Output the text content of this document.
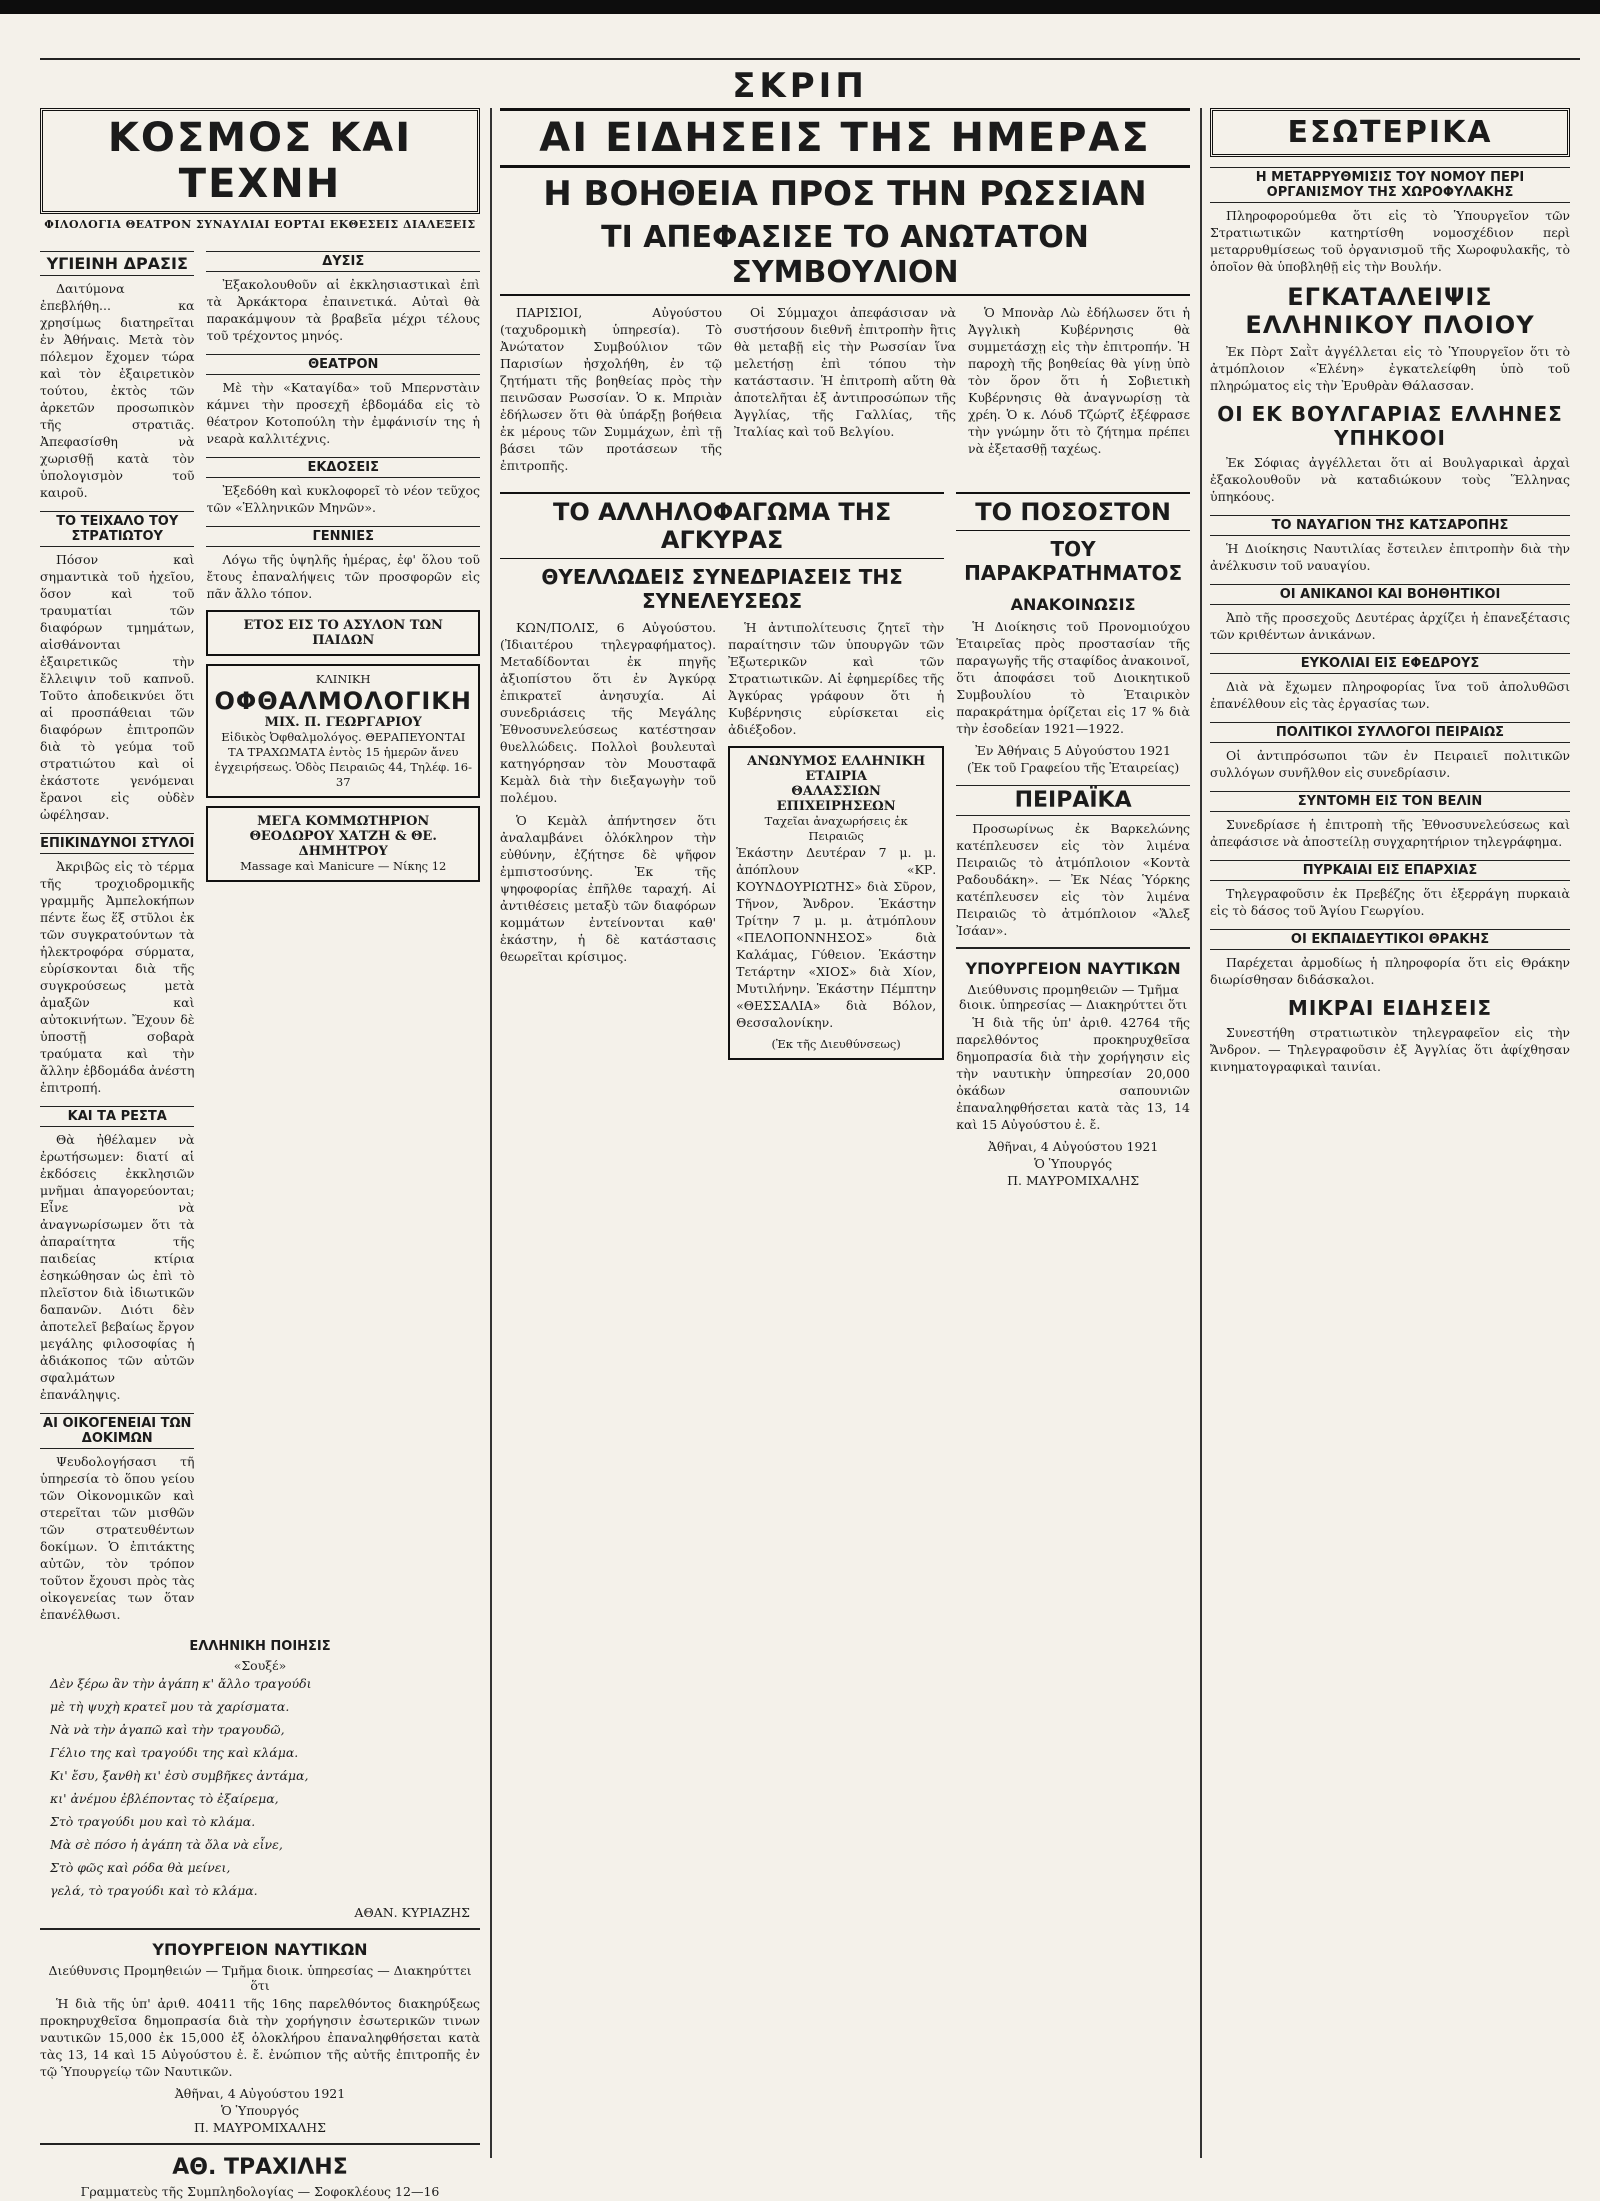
ΣΚΡΙΠ
ΚΟΣΜΟΣ ΚΑΙ ΤΕΧΝΗ
ΦΙΛΟΛΟΓΙΑ ΘΕΑΤΡΟΝ ΣΥΝΑΥΛΙΑΙ ΕΟΡΤΑΙ ΕΚΘΕΣΕΙΣ ΔΙΑΛΕΞΕΙΣ
ΥΓΙΕΙΝΗ ΔΡΑΣΙΣ

Δαιτύμονα ἐπεβλήθη... κα χρησίμως διατηρεῖται ἐν Ἀθήναις. Μετὰ τὸν πόλεμον ἔχομεν τώρα καὶ τὸν ἐξαιρετικὸν τούτου, ἐκτὸς τῶν ἀρκετῶν προσωπικὸν τῆς στρατιᾶς. Ἀπεφασίσθη νὰ χωρισθῇ κατὰ τὸν ὑπολογισμὸν τοῦ καιροῦ.

ΤΟ ΤΕΙΧΑΛΟ ΤΟΥ ΣΤΡΑΤΙΩΤΟΥ

Πόσον καὶ σημαντικὰ τοῦ ἠχεῖου, ὅσον καὶ τοῦ τραυματίαι τῶν διαφόρων τμημάτων, αἰσθάνονται ἐξαιρετικῶς τὴν ἔλλειψιν τοῦ καπνοῦ. Τοῦτο ἀποδεικνύει ὅτι αἱ προσπάθειαι τῶν διαφόρων ἐπιτροπῶν διὰ τὸ γεύμα τοῦ στρατιώτου καὶ οἱ ἐκάστοτε γενόμεναι ἔρανοι εἰς οὐδὲν ὠφέλησαν.

ΕΠΙΚΙΝΔΥΝΟΙ ΣΤΥΛΟΙ

Ἀκριβῶς εἰς τὸ τέρμα τῆς τροχιοδρομικῆς γραμμῆς Ἀμπελοκήπων πέντε ἕως ἕξ στῦλοι ἐκ τῶν συγκρατούντων τὰ ἠλεκτροφόρα σύρματα, εὑρίσκονται διὰ τῆς συγκρούσεως μετὰ ἀμαξῶν καὶ αὐτοκινήτων. Ἔχουν δὲ ὑποστῇ σοβαρὰ τραύματα καὶ τὴν ἄλλην ἐβδομάδα ἀνέστη ἐπιτροπή.

ΚΑΙ ΤΑ ΡΕΣΤΑ

Θὰ ἠθέλαμεν νὰ ἐρωτήσωμεν: διατί αἱ ἐκδόσεις ἐκκλησιῶν μνῆμαι ἀπαγορεύονται; Εἶνε νὰ ἀναγνωρίσωμεν ὅτι τὰ ἀπαραίτητα τῆς παιδείας κτίρια ἐσηκώθησαν ὡς ἐπὶ τὸ πλεῖστον διὰ ἰδιωτικῶν δαπανῶν. Διότι δὲν ἀποτελεῖ βεβαίως ἔργον μεγάλης φιλοσοφίας ἡ ἀδιάκοπος τῶν αὐτῶν σφαλμάτων ἐπανάληψις.

ΑΙ ΟΙΚΟΓΕΝΕΙΑΙ ΤΩΝ ΔΟΚΙΜΩΝ

Ψευδολογήσασι τῆ ὑπηρεσία τὸ ὅπου γείου τῶν Οἰκονομικῶν καὶ στερεῖται τῶν μισθῶν τῶν στρατευθέντων δοκίμων. Ὁ ἐπιτάκτης αὐτῶν, τὸν τρόπον τοῦτον ἔχουσι πρὸς τὰς οἰκογενείας των ὅταν ἐπανέλθωσι.

ΔΥΣΙΣ

Ἐξακολουθοῦν αἱ ἐκκλησιαστικαὶ ἐπὶ τὰ Ἀρκάκτορα ἐπαινετικά. Αὐταὶ θὰ παρακάμψουν τὰ βραβεῖα μέχρι τέλους τοῦ τρέχοντος μηνός.

ΘΕΑΤΡΟΝ

Μὲ τὴν «Καταγίδα» τοῦ Μπερνστὰιν κάμνει τὴν προσεχῆ ἑβδομάδα εἰς τὸ θέατρον Κοτοπούλη τὴν ἐμφάνισίν της ἡ νεαρὰ καλλιτέχνις.

ΕΚΔΟΣΕΙΣ

Ἐξεδόθη καὶ κυκλοφορεῖ τὸ νέον τεῦχος τῶν «Ἑλληνικῶν Μηνῶν».

ΓΕΝΝΙΕΣ

Λόγω τῆς ὑψηλῆς ἡμέρας, ἐφ' ὅλου τοῦ ἔτους ἐπαναλήψεις τῶν προσφορῶν εἰς πᾶν ἄλλο τόπον.

ΕΤΟΣ ΕΙΣ ΤΟ ΑΣΥΛΟΝ ΤΩΝ ΠΑΙΔΩΝ
ΚΛΙΝΙΚΗ
ΟΦΘΑΛΜΟΛΟΓΙΚΗ
ΜΙΧ. Π. ΓΕΩΡΓΑΡΙΟΥ
Εἰδικὸς Ὀφθαλμολόγος. ΘΕΡΑΠΕΥΟΝΤΑΙ ΤΑ ΤΡΑΧΩΜΑΤΑ ἐντὸς 15 ἡμερῶν ἄνευ ἐγχειρήσεως. Ὁδὸς Πειραιῶς 44, Τηλέφ. 16-37
ΜΕΓΑ ΚΟΜΜΩΤΗΡΙΟΝ
ΘΕΟΔΩΡΟΥ ΧΑΤΖΗ & ΘΕ. ΔΗΜΗΤΡΟΥ
Massage καὶ Manicure — Νίκης 12
ΕΛΛΗΝΙΚΗ ΠΟΙΗΣΙΣ
«Σουξέ»
Δὲν ξέρω ἂν τὴν ἀγάπη κ' ἄλλο τραγούδι
μὲ τὴ ψυχὴ κρατεῖ μου τὰ χαρίσματα.
Νὰ νὰ τὴν ἀγαπῶ καὶ τὴν τραγουδῶ,
Γέλιο της καὶ τραγούδι της καὶ κλάμα.
Κι' ἔσυ, ξανθὴ κι' ἐσὺ συμβῆκες ἀντάμα,
κι' ἀνέμου ἐβλέποντας τὸ ἐξαίρεμα,
Στὸ τραγούδι μου καὶ τὸ κλάμα.
Μὰ σὲ πόσο ἡ ἀγάπη τὰ ὄλα νὰ εἶνε,
Στὸ φῶς καὶ ρόδα θὰ μείνει,
γελά, τὸ τραγούδι καὶ τὸ κλάμα.
ΑΘΑΝ. ΚΥΡΙΑΖΗΣ
ΥΠΟΥΡΓΕΙΟΝ ΝΑΥΤΙΚΩΝ
Διεύθυνσις Προμηθειών — Τμῆμα διοικ. ὑπηρεσίας — Διακηρύττει ὅτι

Ἡ διὰ τῆς ὑπ' ἀριθ. 40411 τῆς 16ης παρελθόντος διακηρύξεως προκηρυχθεῖσα δημοπρασία διὰ τὴν χορήγησιν ἐσωτερικῶν τινων ναυτικῶν 15,000 ἐκ 15,000 ἐξ ὁλοκλήρου ἐπαναληφθήσεται κατὰ τὰς 13, 14 καὶ 15 Αὐγούστου ἐ. ἔ. ἐνώπιον τῆς αὐτῆς ἐπιτροπῆς ἐν τῷ Ὑπουργείῳ τῶν Ναυτικῶν.

Ἀθῆναι, 4 Αὐγούστου 1921
Ὁ Ὑπουργός
Π. ΜΑΥΡΟΜΙΧΑΛΗΣ
ΑΘ. ΤΡΑΧΙΛΗΣ
Γραμματεὺς τῆς Συμπληδολογίας — Σοφοκλέους 12—16
ΑΙ ΕΙΔΗΣΕΙΣ ΤΗΣ ΗΜΕΡΑΣ
Η ΒΟΗΘΕΙΑ ΠΡΟΣ ΤΗΝ ΡΩΣΣΙΑΝ
ΤΙ ΑΠΕΦΑΣΙΣΕ ΤΟ ΑΝΩΤΑΤΟΝ ΣΥΜΒΟΥΛΙΟΝ

ΠΑΡΙΣΙΟΙ, Αὐγούστου (ταχυδρομικὴ ὑπηρεσία). Τὸ Ἀνώτατον Συμβούλιον τῶν Παρισίων ἠσχολήθη, ἐν τῷ ζητήματι τῆς βοηθείας πρὸς τὴν πεινῶσαν Ρωσσίαν. Ὁ κ. Μπριὰν ἐδήλωσεν ὅτι θὰ ὑπάρξῃ βοήθεια ἐκ μέρους τῶν Συμμάχων, ἐπὶ τῇ βάσει τῶν προτάσεων τῆς ἐπιτροπῆς.

Οἱ Σύμμαχοι ἀπεφάσισαν νὰ συστήσουν διεθνῆ ἐπιτροπὴν ἣτις θὰ μεταβῇ εἰς τὴν Ρωσσίαν ἵνα μελετήσῃ ἐπὶ τόπου τὴν κατάστασιν. Ἡ ἐπιτροπὴ αὕτη θὰ ἀποτελῆται ἐξ ἀντιπροσώπων τῆς Ἀγγλίας, τῆς Γαλλίας, τῆς Ἰταλίας καὶ τοῦ Βελγίου.

Ὁ Μπονὰρ Λὼ ἐδήλωσεν ὅτι ἡ Ἀγγλικὴ Κυβέρνησις θὰ συμμετάσχῃ εἰς τὴν ἐπιτροπήν. Ἡ παροχὴ τῆς βοηθείας θὰ γίνῃ ὑπὸ τὸν ὅρον ὅτι ἡ Σοβιετικὴ Κυβέρνησις θὰ ἀναγνωρίσῃ τὰ χρέη. Ὁ κ. Λόυδ Τζώρτζ ἐξέφρασε τὴν γνώμην ὅτι τὸ ζήτημα πρέπει νὰ ἐξετασθῇ ταχέως.

ΤΟ ΑΛΛΗΛΟΦΑΓΩΜΑ ΤΗΣ ΑΓΚΥΡΑΣ
ΘΥΕΛΛΩΔΕΙΣ ΣΥΝΕΔΡΙΑΣΕΙΣ ΤΗΣ ΣΥΝΕΛΕΥΣΕΩΣ

ΚΩΝ/ΠΟΛΙΣ, 6 Αὐγούστου. (Ἰδιαιτέρου τηλεγραφήματος). Μεταδίδονται ἐκ πηγῆς ἀξιοπίστου ὅτι ἐν Ἀγκύρᾳ ἐπικρατεῖ ἀνησυχία. Αἱ συνεδριάσεις τῆς Μεγάλης Ἐθνοσυνελεύσεως κατέστησαν θυελλώδεις. Πολλοὶ βουλευταὶ κατηγόρησαν τὸν Μουσταφᾶ Κεμὰλ διὰ τὴν διεξαγωγὴν τοῦ πολέμου.

Ὁ Κεμὰλ ἀπήντησεν ὅτι ἀναλαμβάνει ὁλόκληρον τὴν εὐθύνην, ἐζήτησε δὲ ψῆφον ἐμπιστοσύνης. Ἐκ τῆς ψηφοφορίας ἐπῆλθε ταραχή. Αἱ ἀντιθέσεις μεταξὺ τῶν διαφόρων κομμάτων ἐντείνονται καθ' ἑκάστην, ἡ δὲ κατάστασις θεωρεῖται κρίσιμος.

Ἡ ἀντιπολίτευσις ζητεῖ τὴν παραίτησιν τῶν ὑπουργῶν τῶν Ἐξωτερικῶν καὶ τῶν Στρατιωτικῶν. Αἱ ἐφημερίδες τῆς Ἀγκύρας γράφουν ὅτι ἡ Κυβέρνησις εὑρίσκεται εἰς ἀδιέξοδον.

ΑΝΩΝΥΜΟΣ ΕΛΛΗΝΙΚΗ ΕΤΑΙΡΙΑ
ΘΑΛΑΣΣΙΩΝ ΕΠΙΧΕΙΡΗΣΕΩΝ
Ταχεῖαι ἀναχωρήσεις ἐκ Πειραιῶς

Ἑκάστην Δευτέραν 7 μ. μ. ἀπόπλουν «ΚΡ. ΚΟΥΝΔΟΥΡΙΩΤΗΣ» διὰ Σῦρον, Τῆνον, Ἄνδρον. Ἑκάστην Τρίτην 7 μ. μ. ἀτμόπλουν «ΠΕΛΟΠΟΝΝΗΣΟΣ» διὰ Καλάμας, Γύθειον. Ἑκάστην Τετάρτην «ΧΙΟΣ» διὰ Χίον, Μυτιλήνην. Ἑκάστην Πέμπτην «ΘΕΣΣΑΛΙΑ» διὰ Βόλον, Θεσσαλονίκην.

(Ἐκ τῆς Διευθύνσεως)
ΤΟ ΠΟΣΟΣΤΟΝ
ΤΟΥ ΠΑΡΑΚΡΑΤΗΜΑΤΟΣ
ΑΝΑΚΟΙΝΩΣΙΣ

Ἡ Διοίκησις τοῦ Προνομιούχου Ἑταιρεῖας πρὸς προστασίαν τῆς παραγωγῆς τῆς σταφίδος ἀνακοινοῖ, ὅτι ἀποφάσει τοῦ Διοικητικοῦ Συμβουλίου τὸ Ἑταιρικὸν παρακράτημα ὁρίζεται εἰς 17 % διὰ τὴν ἐσοδείαν 1921—1922.

Ἐν Ἀθήναις 5 Αὐγούστου 1921
(Ἐκ τοῦ Γραφείου τῆς Ἑταιρείας)
ΠΕΙΡΑΪΚΑ

Προσωρίνως ἐκ Βαρκελώνης κατέπλευσεν εἰς τὸν λιμένα Πειραιῶς τὸ ἀτμόπλοιον «Κοντὰ Ραδουδάκη». — Ἐκ Νέας Ὑόρκης κατέπλευσεν εἰς τὸν λιμένα Πειραιῶς τὸ ἀτμόπλοιον «Ἄλεξ Ἰσάαν».

ΥΠΟΥΡΓΕΙΟΝ ΝΑΥΤΙΚΩΝ
Διεύθυνσις προμηθειῶν — Τμῆμα διοικ. ὑπηρεσίας — Διακηρύττει ὅτι

Ἡ διὰ τῆς ὑπ' ἀριθ. 42764 τῆς παρελθόντος προκηρυχθεῖσα δημοπρασία διὰ τὴν χορήγησιν εἰς τὴν ναυτικὴν ὑπηρεσίαν 20,000 ὀκάδων σαπουνιῶν ἐπαναληφθήσεται κατὰ τὰς 13, 14 καὶ 15 Αὐγούστου ἐ. ἔ.

Ἀθῆναι, 4 Αὐγούστου 1921
Ὁ Ὑπουργός
Π. ΜΑΥΡΟΜΙΧΑΛΗΣ
ΕΣΩΤΕΡΙΚΑ
Η ΜΕΤΑΡΡΥΘΜΙΣΙΣ ΤΟΥ ΝΟΜΟΥ ΠΕΡΙ ΟΡΓΑΝΙΣΜΟΥ ΤΗΣ ΧΩΡΟΦΥΛΑΚΗΣ

Πληροφορούμεθα ὅτι εἰς τὸ Ὑπουργεῖον τῶν Στρατιωτικῶν κατηρτίσθη νομοσχέδιον περὶ μεταρρυθμίσεως τοῦ ὀργανισμοῦ τῆς Χωροφυλακῆς, τὸ ὁποῖον θὰ ὑποβληθῇ εἰς τὴν Βουλήν.

ΕΓΚΑΤΑΛΕΙΨΙΣ ΕΛΛΗΝΙΚΟΥ ΠΛΟΙΟΥ

Ἐκ Πὸρτ Σαῒτ ἀγγέλλεται εἰς τὸ Ὑπουργεῖον ὅτι τὸ ἀτμόπλοιον «Ἑλένη» ἐγκατελείφθη ὑπὸ τοῦ πληρώματος εἰς τὴν Ἐρυθρὰν Θάλασσαν.

ΟΙ ΕΚ ΒΟΥΛΓΑΡΙΑΣ ΕΛΛΗΝΕΣ ΥΠΗΚΟΟΙ

Ἐκ Σόφιας ἀγγέλλεται ὅτι αἱ Βουλγαρικαὶ ἀρχαὶ ἐξακολουθοῦν νὰ καταδιώκουν τοὺς Ἕλληνας ὑπηκόους.

ΤΟ ΝΑΥΑΓΙΟΝ ΤΗΣ ΚΑΤΣΑΡΟΠΗΣ

Ἡ Διοίκησις Ναυτιλίας ἔστειλεν ἐπιτροπὴν διὰ τὴν ἀνέλκυσιν τοῦ ναυαγίου.

ΟΙ ΑΝΙΚΑΝΟΙ ΚΑΙ ΒΟΗΘΗΤΙΚΟΙ

Ἀπὸ τῆς προσεχοῦς Δευτέρας ἀρχίζει ἡ ἐπανεξέτασις τῶν κριθέντων ἀνικάνων.

ΕΥΚΟΛΙΑΙ ΕΙΣ ΕΦΕΔΡΟΥΣ

Διὰ νὰ ἔχωμεν πληροφορίας ἵνα τοῦ ἀπολυθῶσι ἐπανέλθουν εἰς τὰς ἐργασίας των.

ΠΟΛΙΤΙΚΟΙ ΣΥΛΛΟΓΟΙ ΠΕΙΡΑΙΩΣ

Οἱ ἀντιπρόσωποι τῶν ἐν Πειραιεῖ πολιτικῶν συλλόγων συνῆλθον εἰς συνεδρίασιν.

ΣΥΝΤΟΜΗ ΕΙΣ ΤΟΝ ΒΕΛΙΝ

Συνεδρίασε ἡ ἐπιτροπὴ τῆς Ἐθνοσυνελεύσεως καὶ ἀπεφάσισε νὰ ἀποστείλῃ συγχαρητήριον τηλεγράφημα.

ΠΥΡΚΑΙΑΙ ΕΙΣ ΕΠΑΡΧΙΑΣ

Τηλεγραφοῦσιν ἐκ Πρεβέζης ὅτι ἐξερράγη πυρκαιὰ εἰς τὸ δάσος τοῦ Ἁγίου Γεωργίου.

ΟΙ ΕΚΠΑΙΔΕΥΤΙΚΟΙ ΘΡΑΚΗΣ

Παρέχεται ἀρμοδίως ἡ πληροφορία ὅτι εἰς Θράκην διωρίσθησαν διδάσκαλοι.

ΜΙΚΡΑΙ ΕΙΔΗΣΕΙΣ

Συνεστήθη στρατιωτικὸν τηλεγραφεῖον εἰς τὴν Ἄνδρον. — Τηλεγραφοῦσιν ἐξ Ἀγγλίας ὅτι ἀφίχθησαν κινηματογραφικαὶ ταινίαι.
